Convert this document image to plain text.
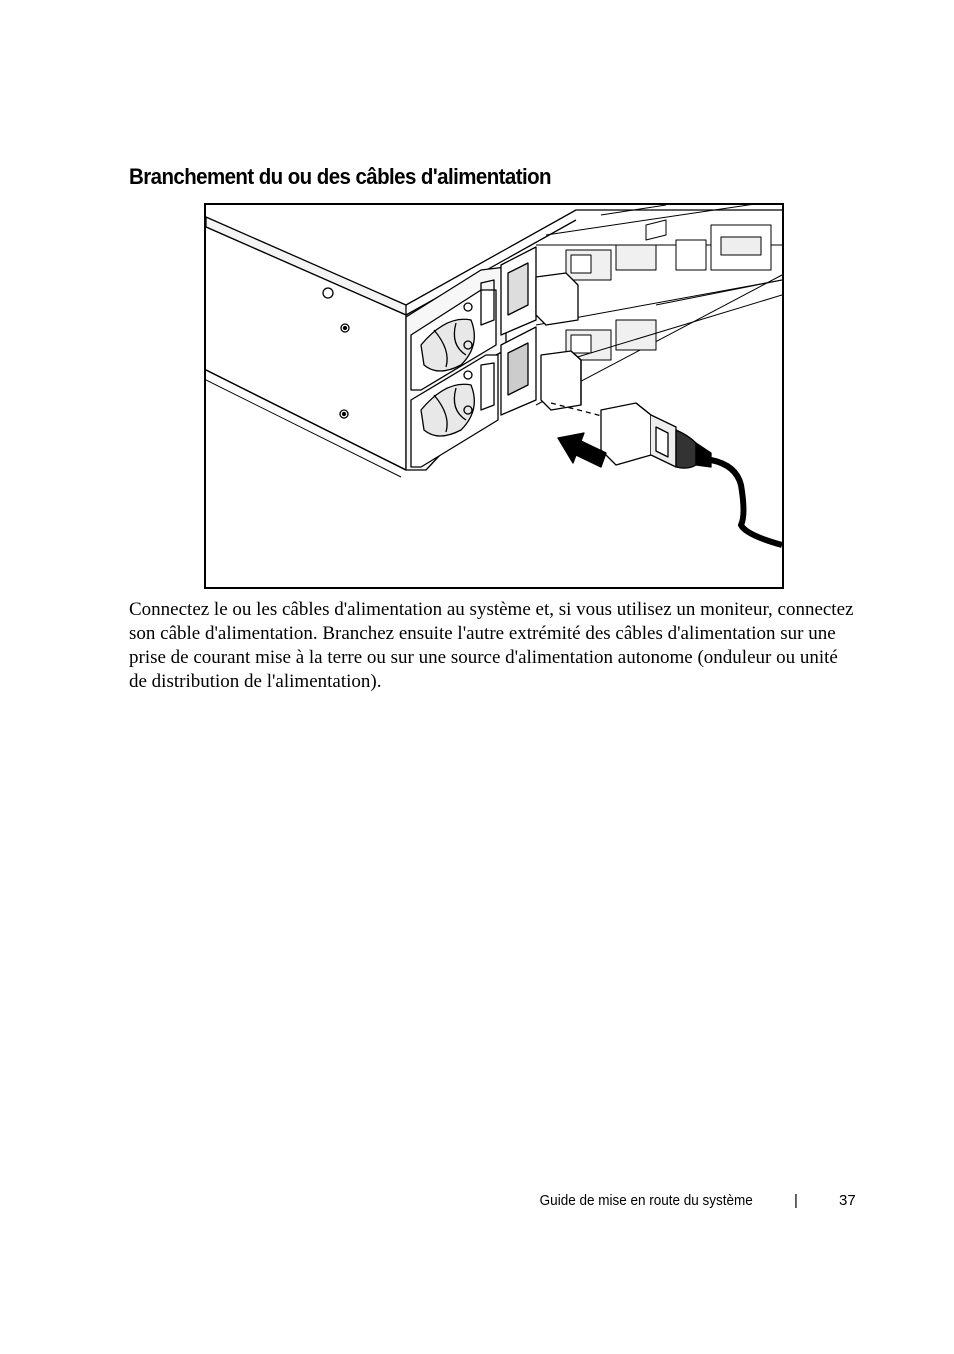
Branchement du ou des câbles d'alimentation

Connectez le ou les câbles d'alimentation au système et, si vous utilisez un moniteur, connectez son câble d'alimentation. Branchez ensuite l'autre extrémité des câbles d'alimentation sur une prise de courant mise à la terre ou sur une source d'alimentation autonome (onduleur ou unité de distribution de l'alimentation).

Guide de mise en route du système	|	37
